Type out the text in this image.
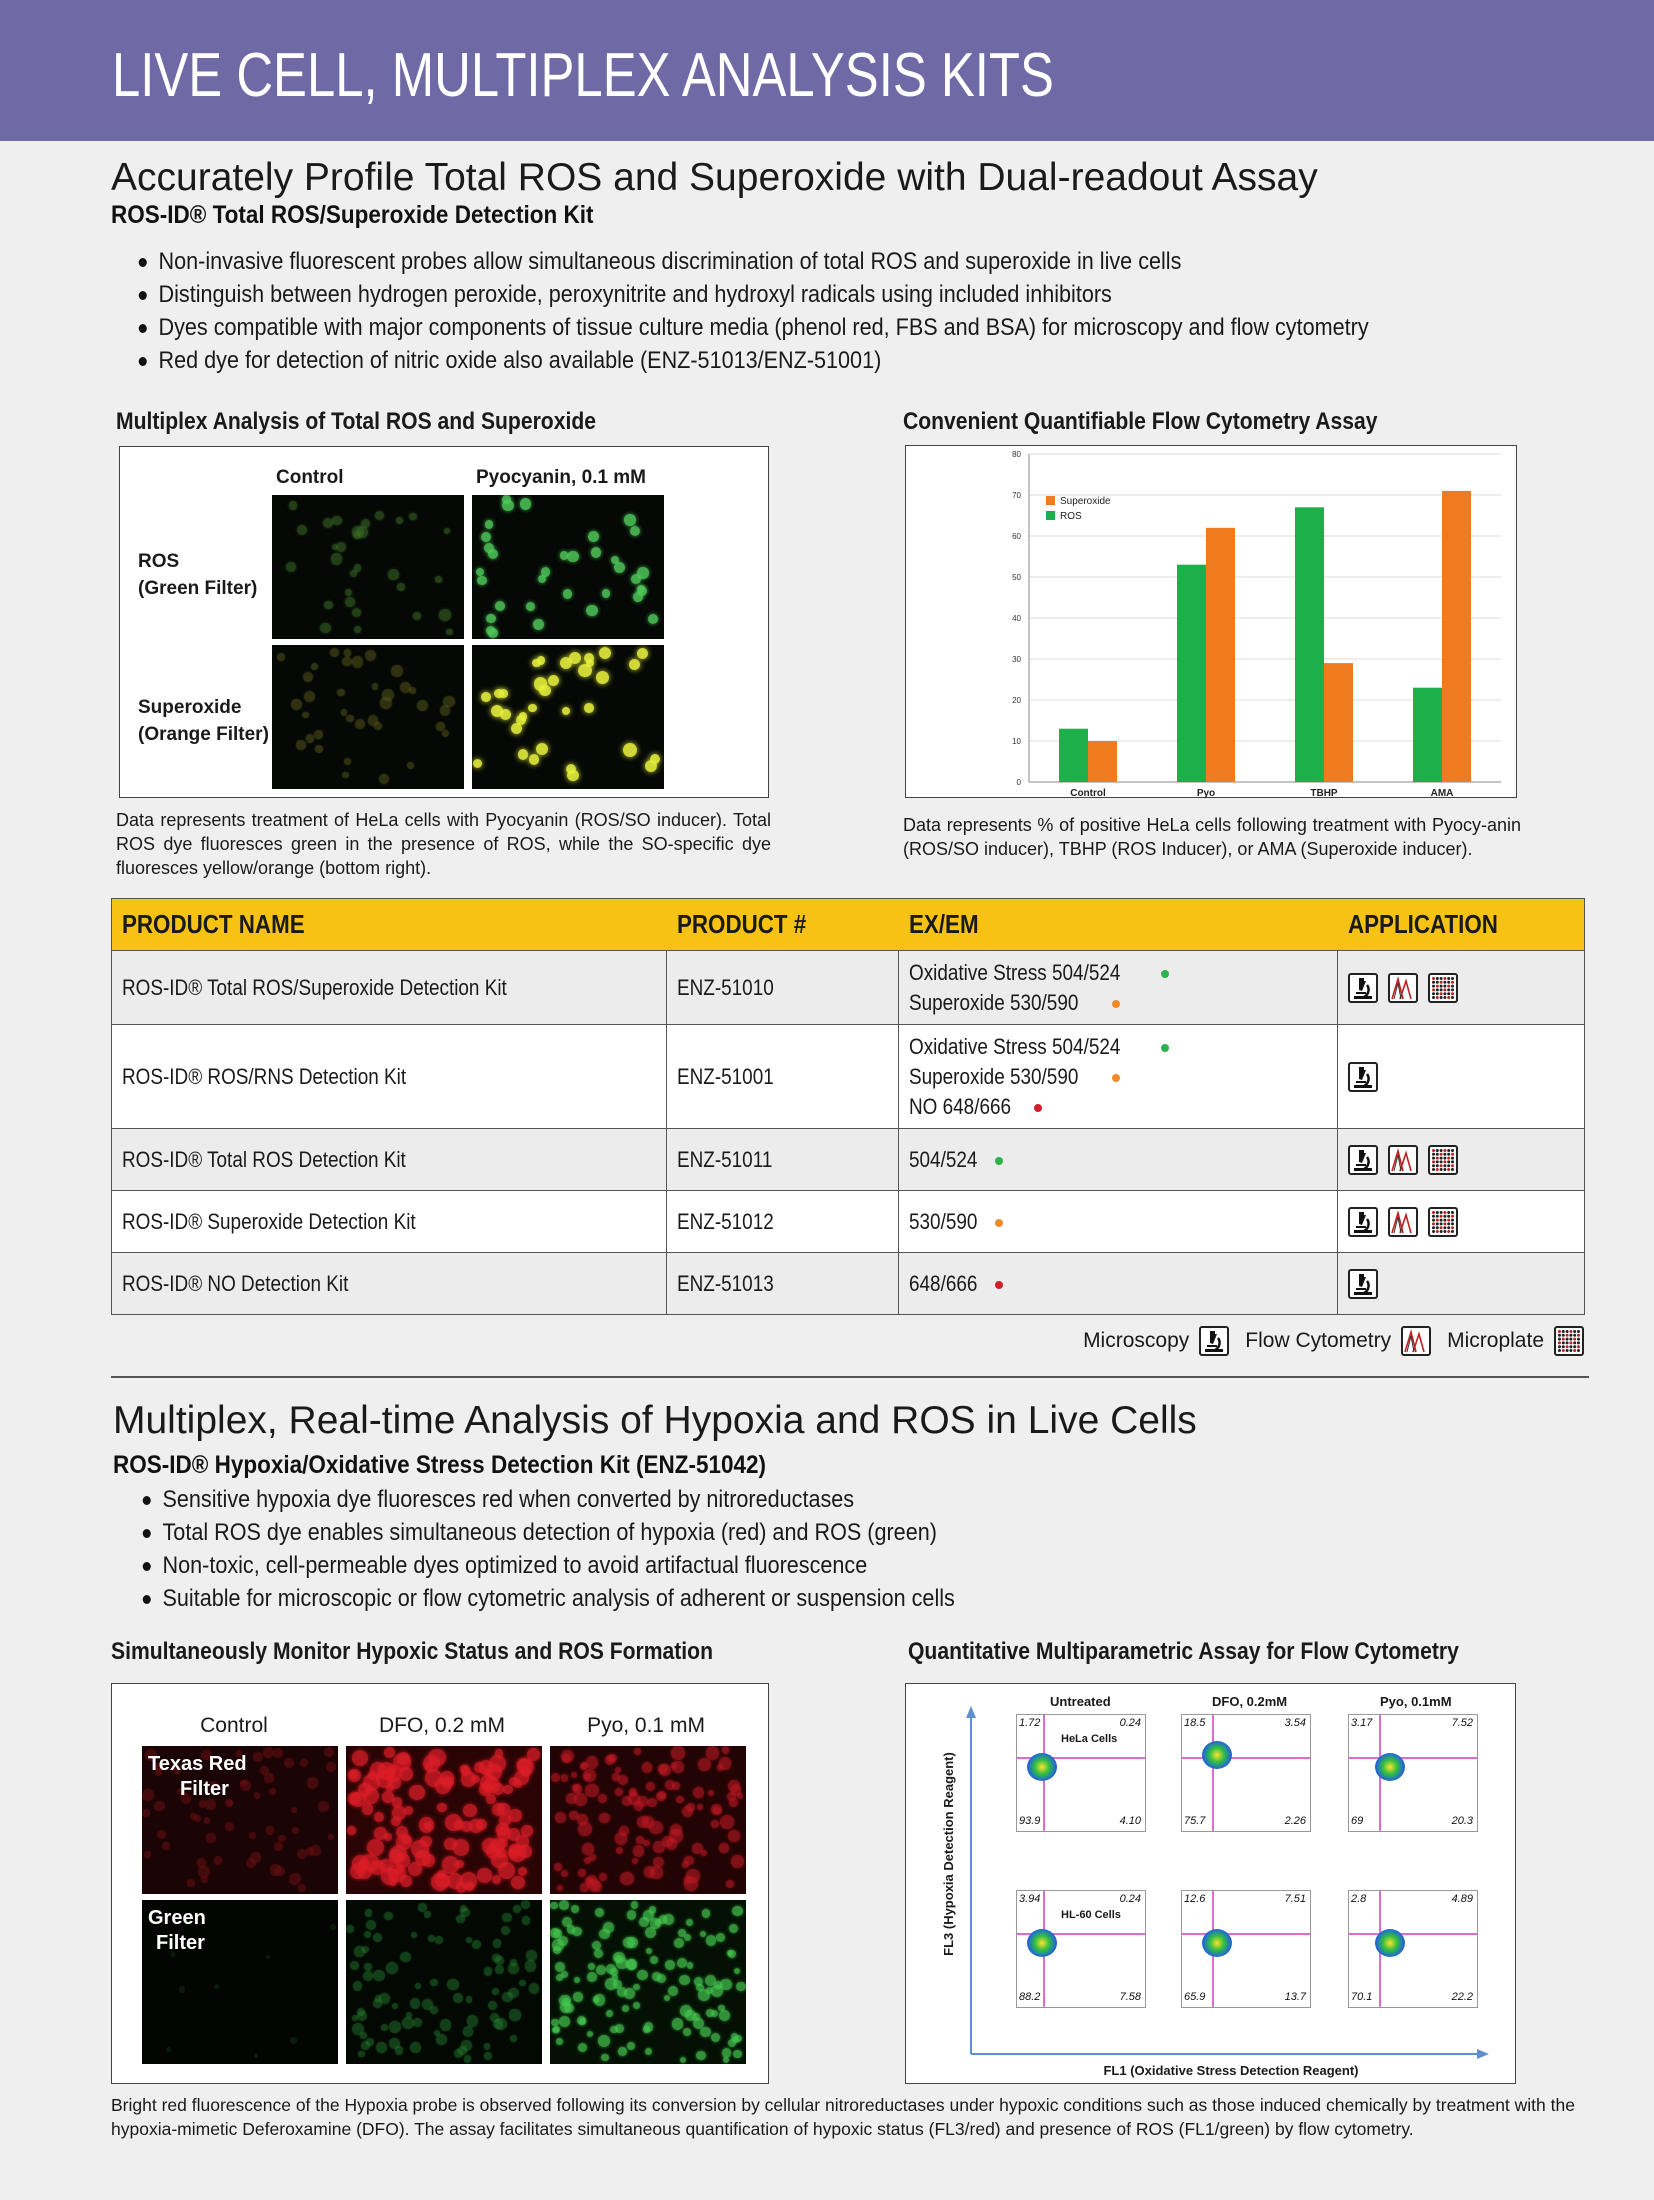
LIVE CELL, MULTIPLEX ANALYSIS KITS
Accurately Profile Total ROS and Superoxide with Dual-readout Assay
ROS-ID® Total ROS/Superoxide Detection Kit
Non-invasive fluorescent probes allow simultaneous discrimination of total ROS and superoxide in live cells
Distinguish between hydrogen peroxide, peroxynitrite and hydroxyl radicals using included inhibitors
Dyes compatible with major components of tissue culture media (phenol red, FBS and BSA) for microscopy and flow cytometry
Red dye for detection of nitric oxide also available (ENZ-51013/ENZ-51001)
Multiplex Analysis of Total ROS and Superoxide
Control	Pyocyanin, 0.1 mM
ROS
(Green Filter)
Superoxide
(Orange Filter)
Data represents treatment of HeLa cells with Pyocyanin (ROS/SO inducer). Total ROS dye fluoresces green in the presence of ROS, while the SO-specific dye fluoresces yellow/orange (bottom right).
Convenient Quantifiable Flow Cytometry Assay
0
10
20
30
40
50
60
70
80
Control	Pyo	TBHP	AMA
Superoxide
ROS
Data represents % of positive HeLa cells following treatment with Pyocy-anin (ROS/SO inducer), TBHP (ROS Inducer), or AMA (Superoxide inducer).
PRODUCT NAME	PRODUCT #	EX/EM	APPLICATION
ROS-ID® Total ROS/Superoxide Detection Kit	ENZ-51010	Oxidative Stress 504/524
Superoxide 530/590

ROS-ID® ROS/RNS Detection Kit	ENZ-51001	Oxidative Stress 504/524
Superoxide 530/590
NO 648/666

ROS-ID® Total ROS Detection Kit	ENZ-51011	504/524	

ROS-ID® Superoxide Detection Kit	ENZ-51012	530/590	

ROS-ID® NO Detection Kit	ENZ-51013	648/666	
Microscopy	Flow Cytometry	Microplate
Multiplex, Real-time Analysis of Hypoxia and ROS in Live Cells
ROS-ID® Hypoxia/Oxidative Stress Detection Kit (ENZ-51042)
Sensitive hypoxia dye fluoresces red when converted by nitroreductases
Total ROS dye enables simultaneous detection of hypoxia (red) and ROS (green)
Non-toxic, cell-permeable dyes optimized to avoid artifactual fluorescence
Suitable for microscopic or flow cytometric analysis of adherent or suspension cells
Simultaneously Monitor Hypoxic Status and ROS Formation
Control	DFO, 0.2 mM	Pyo, 0.1 mM
Texas Red
Filter
Green
Filter
Quantitative Multiparametric Assay for Flow Cytometry
Untreated	DFO, 0.2mM	Pyo, 0.1mM
FL3 (Hypoxia Detection Reagent)
FL1 (Oxidative Stress Detection Reagent)
1.72	0.24
93.9	4.10
HeLa Cells
18.5	3.54
75.7	2.26
3.17	7.52
69	20.3
3.94	0.24
88.2	7.58
HL-60 Cells
12.6	7.51
65.9	13.7
2.8	4.89
70.1	22.2
Bright red fluorescence of the Hypoxia probe is observed following its conversion by cellular nitroreductases under hypoxic conditions such as those induced chemically by treatment with the hypoxia-mimetic Deferoxamine (DFO). The assay facilitates simultaneous quantification of hypoxic status (FL3/red) and presence of ROS (FL1/green) by flow cytometry.
